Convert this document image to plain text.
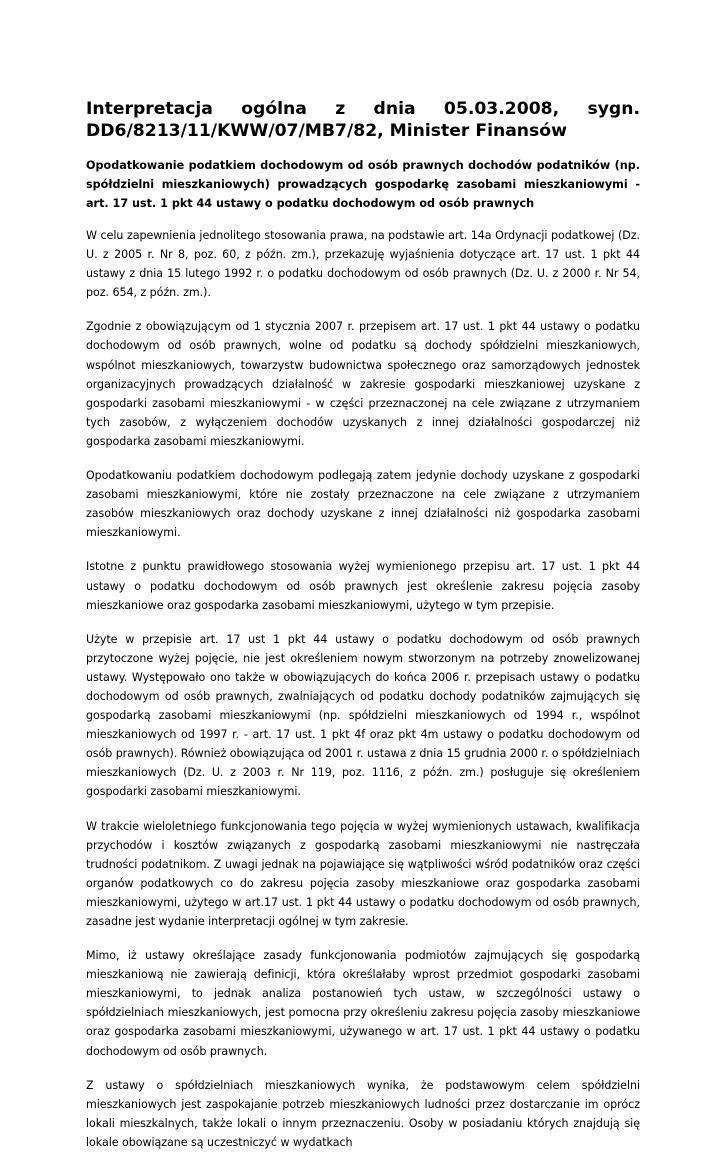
Interpretacja ogólna z dnia 05.03.2008, sygn. DD6/8213/11/KWW/07/MB7/82, Minister Finansów

Opodatkowanie podatkiem dochodowym od osób prawnych dochodów podatników (np. spółdzielni mieszkaniowych) prowadzących gospodarkę zasobami mieszkaniowymi - art. 17 ust. 1 pkt 44 ustawy o podatku dochodowym od osób prawnych

W celu zapewnienia jednolitego stosowania prawa, na podstawie art. 14a Ordynacji podatkowej (Dz. U. z 2005 r. Nr 8, poz. 60, z późn. zm.), przekazuję wyjaśnienia dotyczące art. 17 ust. 1 pkt 44 ustawy z dnia 15 lutego 1992 r. o podatku dochodowym od osób prawnych (Dz. U. z 2000 r. Nr 54, poz. 654, z późn. zm.).

Zgodnie z obowiązującym od 1 stycznia 2007 r. przepisem art. 17 ust. 1 pkt 44 ustawy o podatku dochodowym od osób prawnych, wolne od podatku są dochody spółdzielni mieszkaniowych, wspólnot mieszkaniowych, towarzystw budownictwa społecznego oraz samorządowych jednostek organizacyjnych prowadzących działalność w zakresie gospodarki mieszkaniowej uzyskane z gospodarki zasobami mieszkaniowymi - w części przeznaczonej na cele związane z utrzymaniem tych zasobów, z wyłączeniem dochodów uzyskanych z innej działalności gospodarczej niż gospodarka zasobami mieszkaniowymi.

Opodatkowaniu podatkiem dochodowym podlegają zatem jedynie dochody uzyskane z gospodarki zasobami mieszkaniowymi, które nie zostały przeznaczone na cele związane z utrzymaniem zasobów mieszkaniowych oraz dochody uzyskane z innej działalności niż gospodarka zasobami mieszkaniowymi.

Istotne z punktu prawidłowego stosowania wyżej wymienionego przepisu art. 17 ust. 1 pkt 44 ustawy o podatku dochodowym od osób prawnych jest określenie zakresu pojęcia zasoby mieszkaniowe oraz gospodarka zasobami mieszkaniowymi, użytego w tym przepisie.

Użyte w przepisie art. 17 ust 1 pkt 44 ustawy o podatku dochodowym od osób prawnych przytoczone wyżej pojęcie, nie jest określeniem nowym stworzonym na potrzeby znowelizowanej ustawy. Występowało ono także w obowiązujących do końca 2006 r. przepisach ustawy o podatku dochodowym od osób prawnych, zwalniających od podatku dochody podatników zajmujących się gospodarką zasobami mieszkaniowymi (np. spółdzielni mieszkaniowych od 1994 r., wspólnot mieszkaniowych od 1997 r. - art. 17 ust. 1 pkt 4f oraz pkt 4m ustawy o podatku dochodowym od osób prawnych). Również obowiązująca od 2001 r. ustawa z dnia 15 grudnia 2000 r. o spółdzielniach mieszkaniowych (Dz. U. z 2003 r. Nr 119, poz. 1116, z późn. zm.) posługuje się określeniem gospodarki zasobami mieszkaniowymi.

W trakcie wieloletniego funkcjonowania tego pojęcia w wyżej wymienionych ustawach, kwalifikacja przychodów i kosztów związanych z gospodarką zasobami mieszkaniowymi nie nastręczała trudności podatnikom. Z uwagi jednak na pojawiające się wątpliwości wśród podatników oraz części organów podatkowych co do zakresu pojęcia zasoby mieszkaniowe oraz gospodarka zasobami mieszkaniowymi, użytego w art.17 ust. 1 pkt 44 ustawy o podatku dochodowym od osób prawnych, zasadne jest wydanie interpretacji ogólnej w tym zakresie.

Mimo, iż ustawy określające zasady funkcjonowania podmiotów zajmujących się gospodarką mieszkaniową nie zawierają definicji, która określałaby wprost przedmiot gospodarki zasobami mieszkaniowymi, to jednak analiza postanowień tych ustaw, w szczególności ustawy o spółdzielniach mieszkaniowych, jest pomocna przy określeniu zakresu pojęcia zasoby mieszkaniowe oraz gospodarka zasobami mieszkaniowymi, używanego w art. 17 ust. 1 pkt 44 ustawy o podatku dochodowym od osób prawnych.

Z ustawy o spółdzielniach mieszkaniowych wynika, że podstawowym celem spółdzielni mieszkaniowych jest zaspokajanie potrzeb mieszkaniowych ludności przez dostarczanie im oprócz lokali mieszkalnych, także lokali o innym przeznaczeniu. Osoby w posiadaniu których znajdują się lokale obowiązane są uczestniczyć w wydatkach
